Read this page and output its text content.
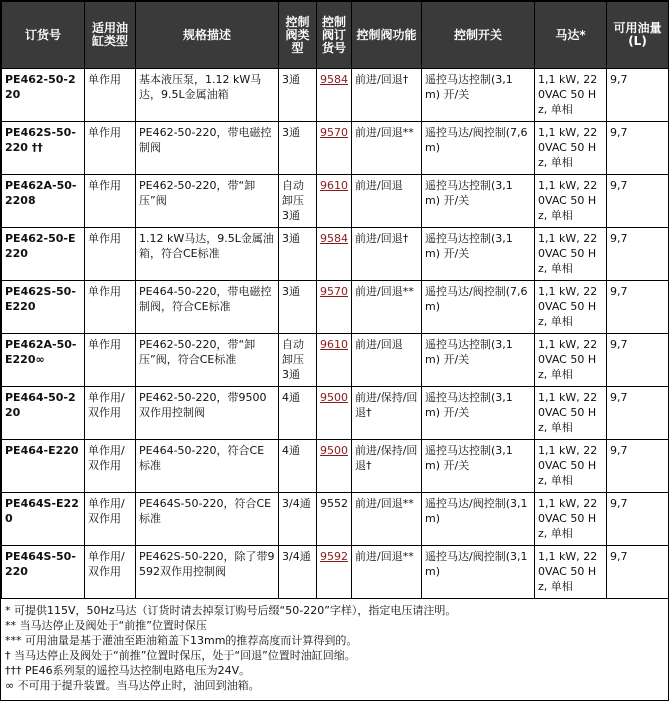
订货号	适用油缸类型	规格描述	控制阀类型	控制阀订货号	控制阀功能	控制开关	马达*	可用油量 (L)
PE462-50-220	单作用	基本液压泵，1.12 kW马达，9.5L金属油箱	3通	9584	前进/回退†	遥控马达控制(3,1 m) 开/关	1,1 kW, 220VAC 50 Hz, 单相	9,7
PE462S-50-220 ††	单作用	PE462-50-220，带电磁控制阀	3通	9570	前进/回退**	遥控马达/阀控制(7,6 m)	1,1 kW, 220VAC 50 Hz, 单相	9,7
PE462A-50-2208	单作用	PE462-50-220，带“卸压”阀	自动卸压 3通	9610	前进/回退	遥控马达控制(3,1 m) 开/关	1,1 kW, 220VAC 50 Hz, 单相	9,7
PE462-50-E220	单作用	1.12 kW马达，9.5L金属油箱，符合CE标准	3通	9584	前进/回退†	遥控马达控制(3,1 m) 开/关	1,1 kW, 220VAC 50 Hz, 单相	9,7
PE462S-50-E220	单作用	PE464-50-220，带电磁控制阀，符合CE标准	3通	9570	前进/回退**	遥控马达/阀控制(7,6 m)	1,1 kW, 220VAC 50 Hz, 单相	9,7
PE462A-50-E220∞	单作用	PE462-50-220，带“卸压”阀，符合CE标准	自动卸压 3通	9610	前进/回退	遥控马达控制(3,1 m) 开/关	1,1 kW, 220VAC 50 Hz, 单相	9,7
PE464-50-220	单作用/双作用	PE462-50-220，带9500双作用控制阀	4通	9500	前进/保持/回退†	遥控马达控制(3,1 m) 开/关	1,1 kW, 220VAC 50 Hz, 单相	9,7
PE464-E220	单作用/双作用	PE464-50-220，符合CE标准	4通	9500	前进/保持/回退†	遥控马达控制(3,1 m) 开/关	1,1 kW, 220VAC 50 Hz, 单相	9,7
PE464S-E220	单作用/双作用	PE464S-50-220，符合CE标准	3/4通	9552	前进/回退**	遥控马达/阀控制(3,1 m)	1,1 kW, 220VAC 50 Hz, 单相	9,7
PE464S-50-220	单作用/双作用	PE462S-50-220，除了带9592双作用控制阀	3/4通	9592	前进/回退**	遥控马达/阀控制(3,1 m)	1,1 kW, 220VAC 50 Hz, 单相	9,7
* 可提供115V，50Hz马达（订货时请去掉泵订购号后缀“50-220”字样），指定电压请注明。
** 当马达停止及阀处于“前推”位置时保压
*** 可用油量是基于灌油至距油箱盖下13mm的推荐高度而计算得到的。
† 当马达停止及阀处于“前推”位置时保压，处于“回退”位置时油缸回缩。
††† PE46系列泵的遥控马达控制电路电压为24V。
∞ 不可用于提升装置。当马达停止时，油回到油箱。
